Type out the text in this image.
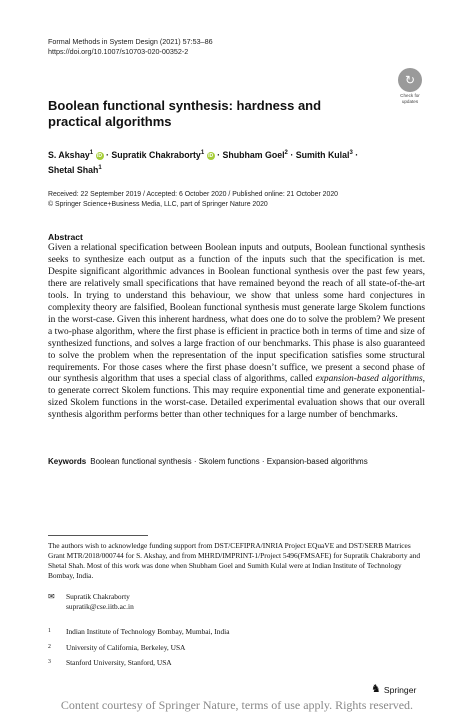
Formal Methods in System Design (2021) 57:53–86
https://doi.org/10.1007/s10703-020-00352-2
↻
Check for
updates
Boolean functional synthesis: hardness and practical algorithms
S. Akshay$^1$ iD · Supratik Chakraborty$^1$ iD · Shubham Goel$^2$ · Sumith Kulal$^3$ ·
Shetal Shah$^1$
Received: 22 September 2019 / Accepted: 6 October 2020 / Published online: 21 October 2020
© Springer Science+Business Media, LLC, part of Springer Nature 2020
Abstract

Given a relational specification between Boolean inputs and outputs, Boolean functional synthesis seeks to synthesize each output as a function of the inputs such that the specification is met. Despite significant algorithmic advances in Boolean functional synthesis over the past few years, there are relatively small specifications that have remained beyond the reach of all state-of-the-art tools. In trying to understand this behaviour, we show that unless some hard conjectures in complexity theory are falsified, Boolean functional synthesis must generate large Skolem functions in the worst-case. Given this inherent hardness, what does one do to solve the problem? We present a two-phase algorithm, where the first phase is efficient in practice both in terms of time and size of synthesized functions, and solves a large fraction of our benchmarks. This phase is also guaranteed to solve the problem when the representation of the input specification satisfies some structural requirements. For those cases where the first phase doesn’t suffice, we present a second phase of our synthesis algorithm that uses a special class of algorithms, called expansion-based algorithms, to generate correct Skolem functions. This may require exponential time and generate exponential-sized Skolem functions in the worst-case. Detailed experimental evaluation shows that our overall synthesis algorithm performs better than other techniques for a large number of benchmarks.

Keywords Boolean functional synthesis · Skolem functions · Expansion-based algorithms

The authors wish to acknowledge funding support from DST/CEFIPRA/INRIA Project EQuaVE and DST/SERB Matrices Grant MTR/2018/000744 for S. Akshay, and from MHRD/IMPRINT-1/Project 5496(FMSAFE) for Supratik Chakraborty and Shetal Shah. Most of this work was done when Shubham Goel and Sumith Kulal were at Indian Institute of Technology Bombay, India.

✉ Supratik Chakraborty
supratik@cse.iitb.ac.in
1 Indian Institute of Technology Bombay, Mumbai, India
2 University of California, Berkeley, USA
3 Stanford University, Stanford, USA
♞ Springer
Content courtesy of Springer Nature, terms of use apply. Rights reserved.
